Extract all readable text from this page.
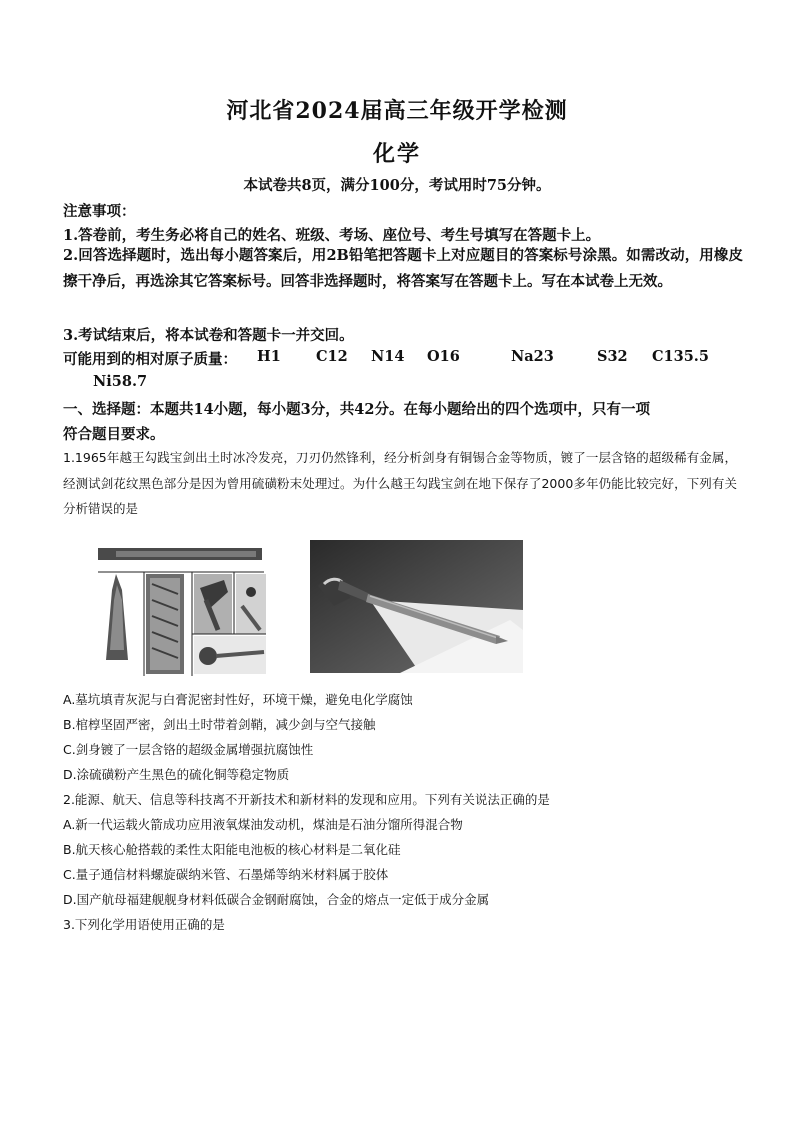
河北省2024届高三年级开学检测
化学
本试卷共8页，满分100分，考试用时75分钟。
注意事项：
1.答卷前，考生务必将自己的姓名、班级、考场、座位号、考生号填写在答题卡上。
2.回答选择题时，选出每小题答案后，用2B铅笔把答题卡上对应题目的答案标号涂黑。如需改动，用橡皮擦干净后，再选涂其它答案标号。回答非选择题时，将答案写在答题卡上。写在本试卷上无效。
3.考试结束后，将本试卷和答题卡一并交回。
可能用到的相对原子质量： H1 C12 N14 O16	Na23	S32 C135.5
Ni58.7
一、选择题：本题共14小题，每小题3分，共42分。在每小题给出的四个选项中，只有一项
符合题目要求。
1.1965年越王勾践宝剑出土时冰冷发亮，刀刃仍然锋利，经分析剑身有铜锡合金等物质，镀了一层含铬的超级稀有金属，经测试剑花纹黑色部分是因为曾用硫磺粉末处理过。为什么越王勾践宝剑在地下保存了2000多年仍能比较完好，下列有关分析错误的是
A.墓坑填青灰泥与白膏泥密封性好，环境干燥，避免电化学腐蚀
B.棺椁坚固严密，剑出土时带着剑鞘，减少剑与空气接触
C.剑身镀了一层含铬的超级金属增强抗腐蚀性
D.涂硫磺粉产生黑色的硫化铜等稳定物质
2.能源、航天、信息等科技离不开新技术和新材料的发现和应用。下列有关说法正确的是
A.新一代运载火箭成功应用液氧煤油发动机，煤油是石油分馏所得混合物
B.航天核心舱搭载的柔性太阳能电池板的核心材料是二氧化硅
C.量子通信材料螺旋碳纳米管、石墨烯等纳米材料属于胶体
D.国产航母福建舰舰身材料低碳合金钢耐腐蚀，合金的熔点一定低于成分金属
3.下列化学用语使用正确的是
